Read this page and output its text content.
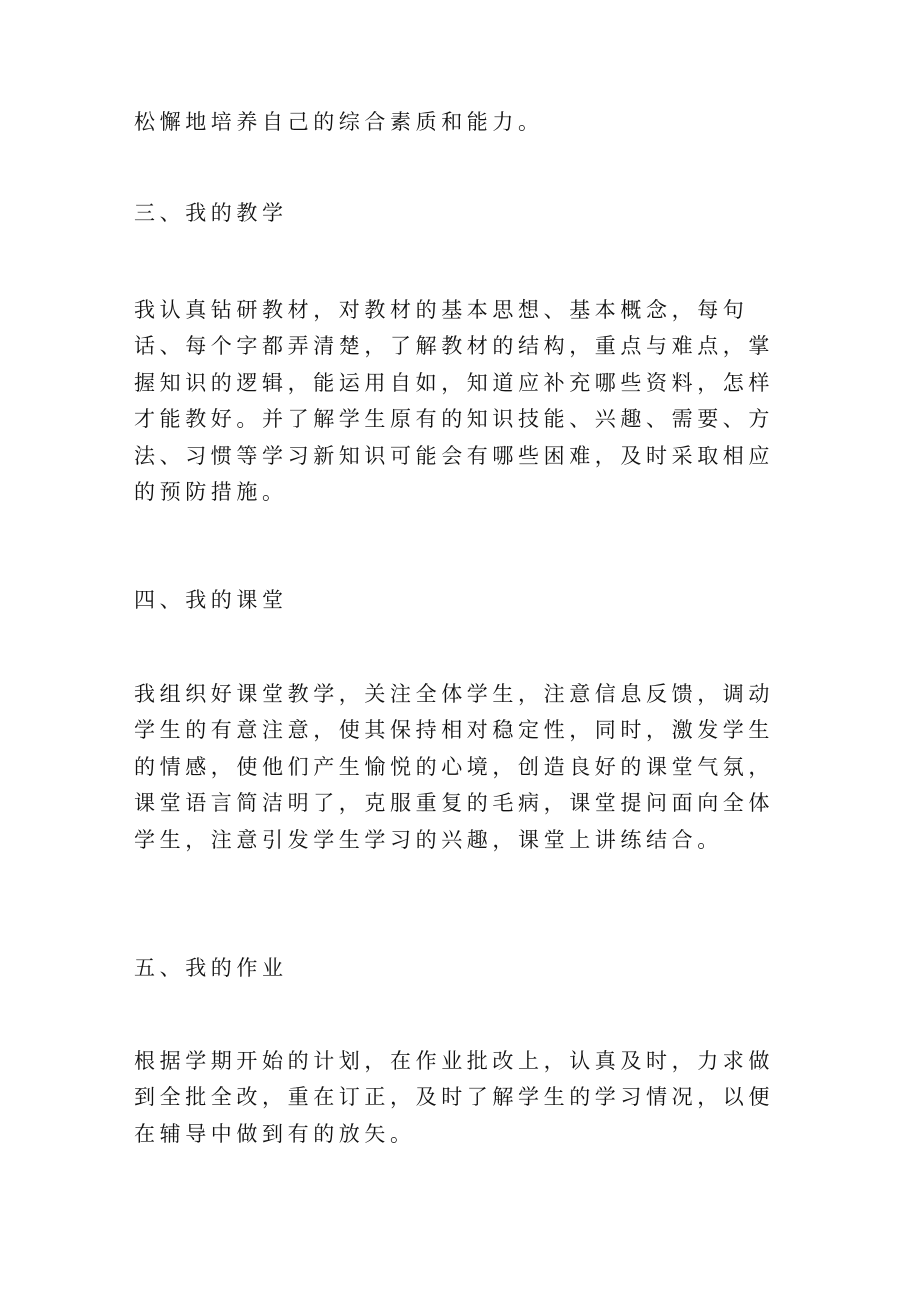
松懈地培养自己的综合素质和能力。

三、我的教学

我认真钻研教材，对教材的基本思想、基本概念，每句话、每个字都弄清楚，了解教材的结构，重点与难点，掌握知识的逻辑，能运用自如，知道应补充哪些资料，怎样才能教好。并了解学生原有的知识技能、兴趣、需要、方法、习惯等学习新知识可能会有哪些困难，及时采取相应的预防措施。

四、我的课堂

我组织好课堂教学，关注全体学生，注意信息反馈，调动学生的有意注意，使其保持相对稳定性，同时，激发学生的情感，使他们产生愉悦的心境，创造良好的课堂气氛，课堂语言简洁明了，克服重复的毛病，课堂提问面向全体学生，注意引发学生学习的兴趣，课堂上讲练结合。

五、我的作业

根据学期开始的计划，在作业批改上，认真及时，力求做到全批全改，重在订正，及时了解学生的学习情况，以便在辅导中做到有的放矢。
